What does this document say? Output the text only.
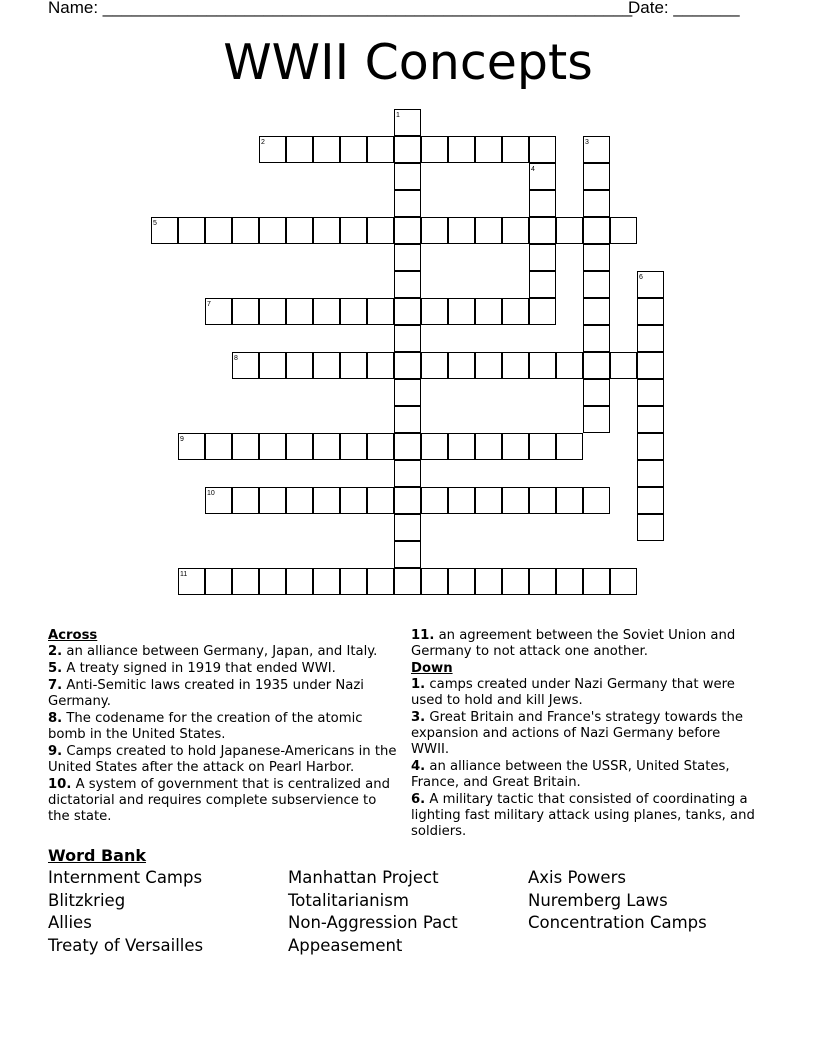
Name: ________________________________________________________
Date: _______
WWII Concepts
1
2	3
4
5
6
7
8
9
10
11
Across
2. an alliance between Germany, Japan, and Italy.
5. A treaty signed in 1919 that ended WWI.
7. Anti-Semitic laws created in 1935 under Nazi Germany.
8. The codename for the creation of the atomic bomb in the United States.
9. Camps created to hold Japanese-Americans in the United States after the attack on Pearl Harbor.
10. A system of government that is centralized and dictatorial and requires complete subservience to the state.
11. an agreement between the Soviet Union and Germany to not attack one another.
Down
1. camps created under Nazi Germany that were used to hold and kill Jews.
3. Great Britain and France's strategy towards the expansion and actions of Nazi Germany before WWII.
4. an alliance between the USSR, United States, France, and Great Britain.
6. A military tactic that consisted of coordinating a lighting fast military attack using planes, tanks, and soldiers.
Word Bank
Internment Camps
Blitzkrieg
Allies
Treaty of Versailles
Manhattan Project
Totalitarianism
Non-Aggression Pact
Appeasement
Axis Powers
Nuremberg Laws
Concentration Camps
